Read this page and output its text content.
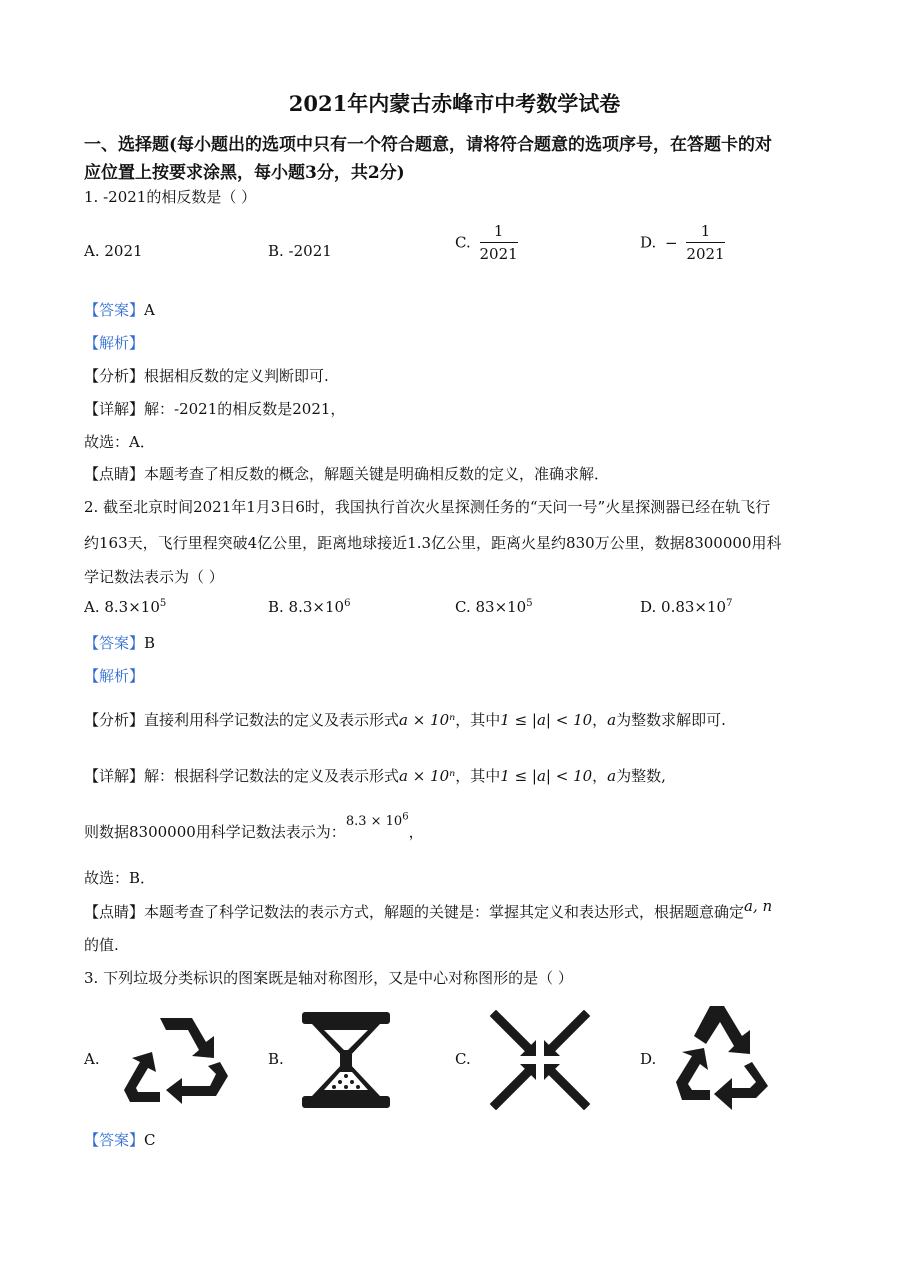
2021年内蒙古赤峰市中考数学试卷
一、选择题(每小题出的选项中只有一个符合题意，请将符合题意的选项序号，在答题卡的对
应位置上按要求涂黑，每小题3分，共2分)
1. -2021的相反数是（ ）
A. 2021	B. -2021	C. $\frac{1}{2021}$	D. − $\frac{1}{2021}$
【答案】A
【解析】
【分析】根据相反数的定义判断即可.
【详解】解：-2021的相反数是2021，
故选：A．
【点睛】本题考查了相反数的概念，解题关键是明确相反数的定义，准确求解．
2. 截至北京时间2021年1月3日6时，我国执行首次火星探测任务的“天问一号”火星探测器已经在轨飞行
约163天，飞行里程突破4亿公里，距离地球接近1.3亿公里，距离火星约830万公里，数据8300000用科
学记数法表示为（ ）
A. $8.3\times 10^5$	B. $8.3\times 10^6$	C. $83\times 10^5$	D. $0.83\times 10^7$
【答案】B
【解析】
【分析】直接利用科学记数法的定义及表示形式a × 10ⁿ，其中1 ≤ |a| < 10，a为整数求解即可.
【详解】解：根据科学记数法的定义及表示形式a × 10ⁿ，其中1 ≤ |a| < 10，a为整数,
则数据8300000用科学记数法表示为：$8.3 \times 10^6$，
故选：B．
【点睛】本题考查了科学记数法的表示方式，解题的关键是：掌握其定义和表达形式，根据题意确定a, n
的值.
3. 下列垃圾分类标识的图案既是轴对称图形，又是中心对称图形的是（ ）
A.	B.	C.	D.
【答案】C
